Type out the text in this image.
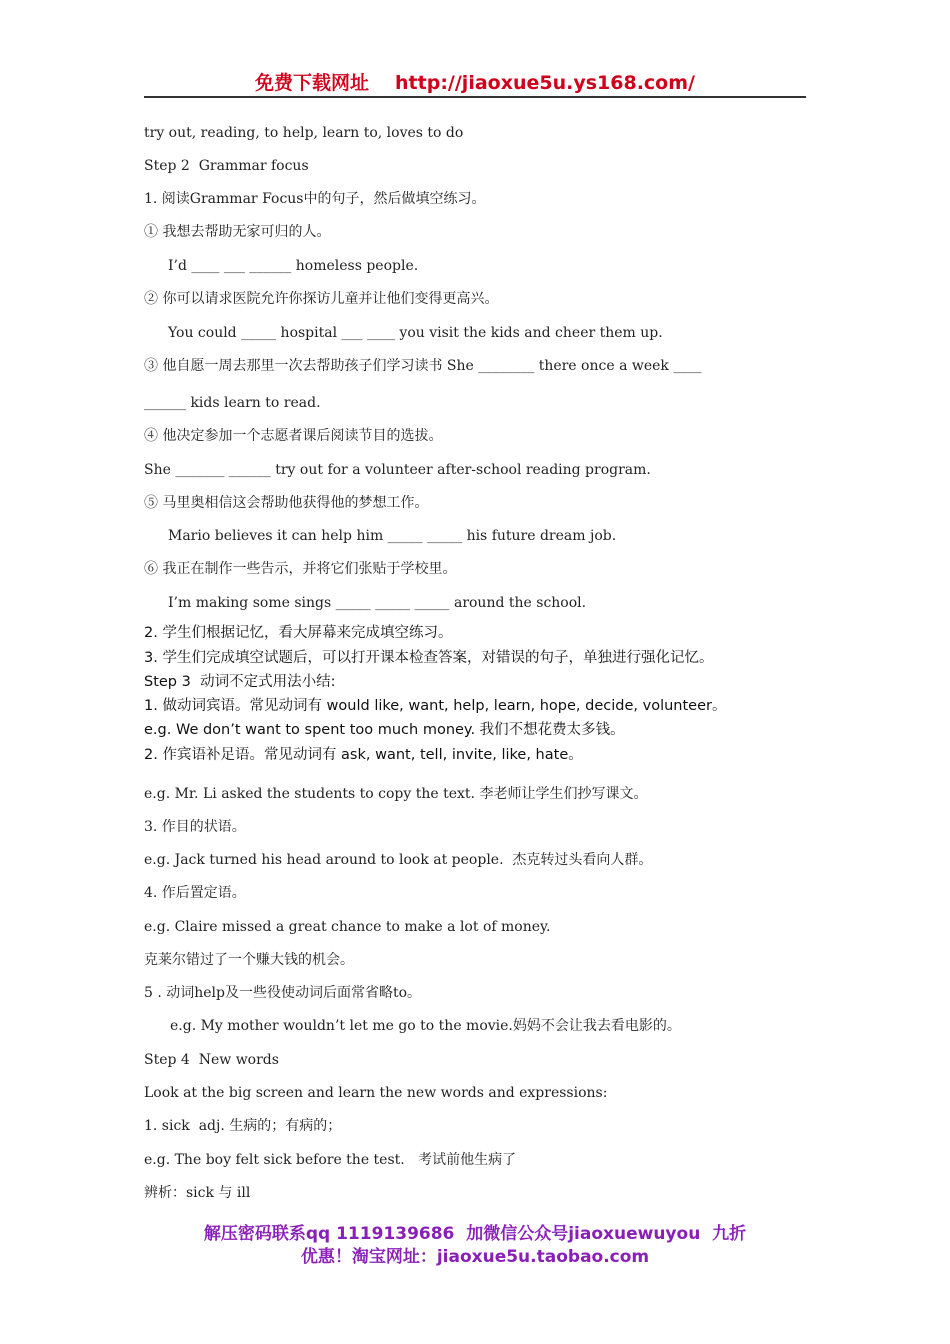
免费下载网址 http://jiaoxue5u.ys168.com/
try out, reading, to help, learn to, loves to do
Step 2  Grammar focus
1. 阅读Grammar Focus中的句子，然后做填空练习。
① 我想去帮助无家可归的人。
I’d ____ ___ ______ homeless people.
② 你可以请求医院允许你探访儿童并让他们变得更高兴。
You could _____ hospital ___ ____ you visit the kids and cheer them up.
③ 他自愿一周去那里一次去帮助孩子们学习读书 She ________ there once a week ____
______ kids learn to read.
④ 他决定参加一个志愿者课后阅读节目的选拔。
She _______ ______ try out for a volunteer after-school reading program.
⑤ 马里奥相信这会帮助他获得他的梦想工作。
Mario believes it can help him _____ _____ his future dream job.
⑥ 我正在制作一些告示，并将它们张贴于学校里。
I’m making some sings _____ _____ _____ around the school.
2. 学生们根据记忆，看大屏幕来完成填空练习。
3. 学生们完成填空试题后，可以打开课本检查答案，对错误的句子，单独进行强化记忆。
Step 3  动词不定式用法小结:
1. 做动词宾语。常见动词有 would like, want, help, learn, hope, decide, volunteer。
e.g. We don’t want to spent too much money. 我们不想花费太多钱。
2. 作宾语补足语。常见动词有 ask, want, tell, invite, like, hate。
e.g. Mr. Li asked the students to copy the text. 李老师让学生们抄写课文。
3. 作目的状语。
e.g. Jack turned his head around to look at people.  杰克转过头看向人群。
4. 作后置定语。
e.g. Claire missed a great chance to make a lot of money.
克莱尔错过了一个赚大钱的机会。
5 . 动词help及一些役使动词后面常省略to。
e.g. My mother wouldn’t let me go to the movie.妈妈不会让我去看电影的。
Step 4  New words
Look at the big screen and learn the new words and expressions:
1. sick  adj. 生病的；有病的；
e.g. The boy felt sick before the test.   考试前他生病了
辨析：sick 与 ill
解压密码联系qq 1119139686  加微信公众号jiaoxuewuyou  九折
优惠！淘宝网址：jiaoxue5u.taobao.com
